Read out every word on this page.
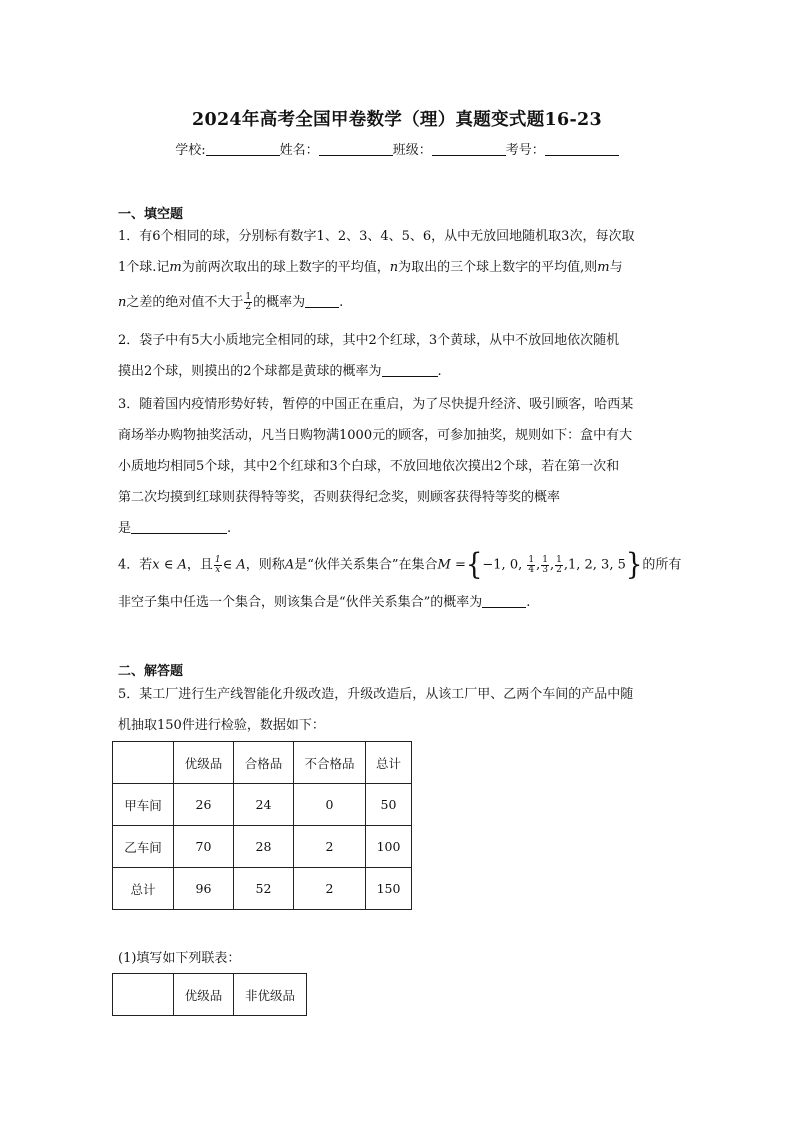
2024年高考全国甲卷数学（理）真题变式题16-23
学校:	姓名：	班级：	考号：
一、填空题
1．有6个相同的球，分别标有数字1、2、3、4、5、6，从中无放回地随机取3次，每次取
1个球.记m为前两次取出的球上数字的平均值，n为取出的三个球上数字的平均值,则m与
n之差的绝对值不大于 $\frac{1}{2}$ 的概率为	.
2．袋子中有5大小质地完全相同的球，其中2个红球，3个黄球，从中不放回地依次随机
摸出2个球，则摸出的2个球都是黄球的概率为	.
3．随着国内疫情形势好转，暂停的中国正在重启，为了尽快提升经济、吸引顾客，哈西某
商场举办购物抽奖活动，凡当日购物满1000元的顾客，可参加抽奖，规则如下：盒中有大
小质地均相同5个球，其中2个红球和3个白球，不放回地依次摸出2个球，若在第一次和
第二次均摸到红球则获得特等奖，否则获得纪念奖，则顾客获得特等奖的概率
是	.
4．若x ∈ A，且 $\frac{1}{x}$ ∈ A，则称A是“伙伴关系集合”在集合M ={−1, 0, $\frac{1}{4}$ , $\frac{1}{3}$ , $\frac{1}{2} ,1$, 2, 3, 5}的所有
非空子集中任选一个集合，则该集合是“伙伴关系集合”的概率为	.
二、解答题
5．某工厂进行生产线智能化升级改造，升级改造后，从该工厂甲、乙两个车间的产品中随
机抽取150件进行检验，数据如下：
	优级品	合格品	不合格品	总计
甲车间	26	24	0	50
乙车间	70	28	2	100
总计	96	52	2	150
(1)填写如下列联表：
	优级品	非优级品
